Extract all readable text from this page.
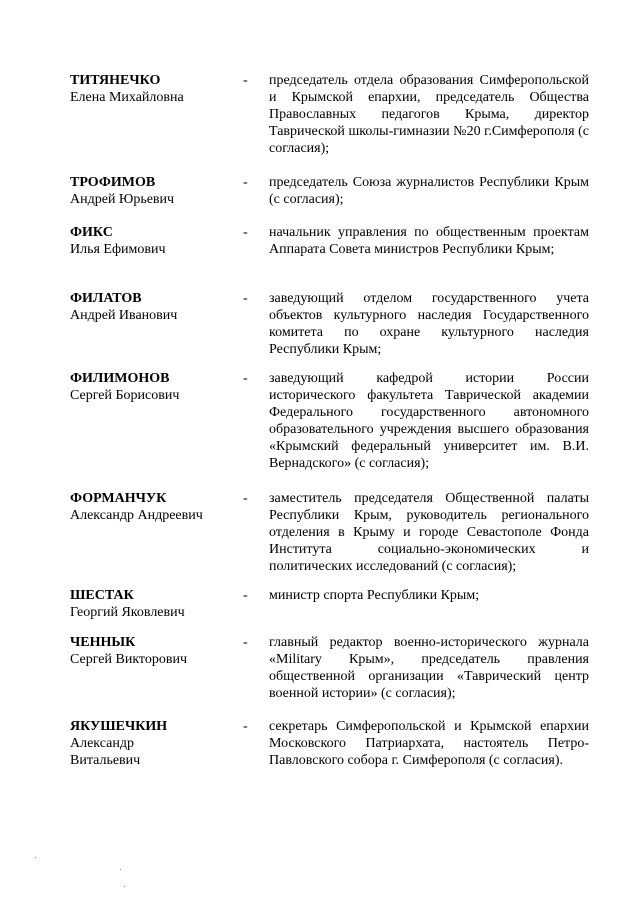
ТИТЯНЕЧКО
Елена Михайловна
- председатель отдела образования Симферопольской и Крымской епархии, председатель Общества Православных педагогов Крыма, директор Таврической школы-гимназии №20 г.Симферополя (с согласия);
ТРОФИМОВ
Андрей Юрьевич
- председатель Союза журналистов Республики Крым (с согласия);
ФИКС
Илья Ефимович
- начальник управления по общественным проектам Аппарата Совета министров Республики Крым;
ФИЛАТОВ
Андрей Иванович
- заведующий отделом государственного учета объектов культурного наследия Государственного комитета по охране культурного наследия Республики Крым;
ФИЛИМОНОВ
Сергей Борисович
- заведующий кафедрой истории России исторического факультета Таврической академии Федерального государственного автономного образовательного учреждения высшего образования «Крымский федеральный университет им. В.И. Вернадского» (с согласия);
ФОРМАНЧУК
Александр Андреевич
- заместитель председателя Общественной палаты Республики Крым, руководитель регионального отделения в Крыму и городе Севастополе Фонда Института социально-экономических и политических исследований (с согласия);
ШЕСТАК
Георгий Яковлевич
- министр спорта Республики Крым;
ЧЕННЫК
Сергей Викторович
- главный редактор военно-исторического журнала «Military Крым», председатель правления общественной организации «Таврический центр военной истории» (с согласия);
ЯКУШЕЧКИН
Александр
Витальевич
- секретарь Симферопольской и Крымской епархии Московского Патриархата, настоятель Петро-Павловского собора г. Симферополя (с согласия).
